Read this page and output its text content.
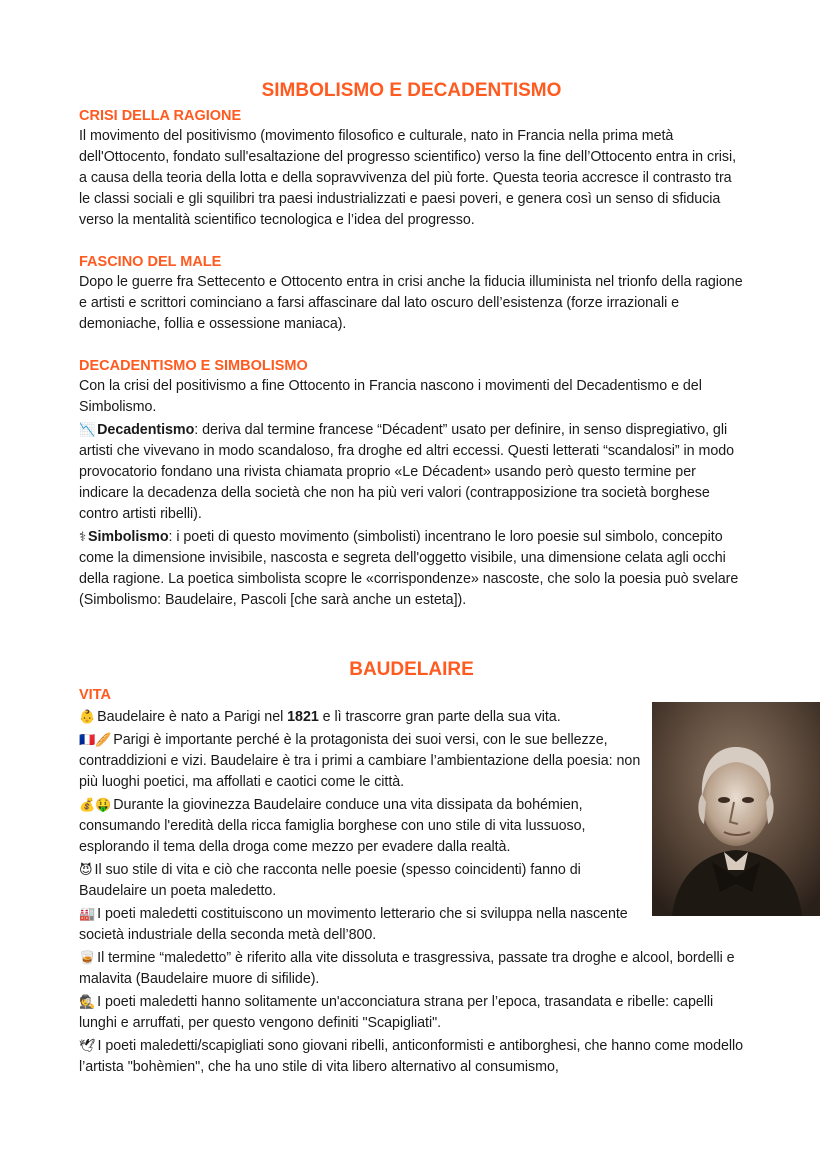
SIMBOLISMO E DECADENTISMO
CRISI DELLA RAGIONE

Il movimento del positivismo (movimento filosofico e culturale, nato in Francia nella prima metà dell'Ottocento, fondato sull'esaltazione del progresso scientifico) verso la fine dell’Ottocento entra in crisi, a causa della teoria della lotta e della sopravvivenza del più forte. Questa teoria accresce il contrasto tra le classi sociali e gli squilibri tra paesi industrializzati e paesi poveri, e genera così un senso di sfiducia verso la mentalità scientifico tecnologica e l’idea del progresso.

FASCINO DEL MALE

Dopo le guerre fra Settecento e Ottocento entra in crisi anche la fiducia illuminista nel trionfo della ragione e artisti e scrittori cominciano a farsi affascinare dal lato oscuro dell’esistenza (forze irrazionali e demoniache, follia e ossessione maniaca).

DECADENTISMO E SIMBOLISMO

Con la crisi del positivismo a fine Ottocento in Francia nascono i movimenti del Decadentismo e del Simbolismo.

📉 Decadentismo: deriva dal termine francese “Décadent” usato per definire, in senso dispregiativo, gli artisti che vivevano in modo scandaloso, fra droghe ed altri eccessi. Questi letterati “scandalosi” in modo provocatorio fondano una rivista chiamata proprio «Le Décadent» usando però questo termine per indicare la decadenza della società che non ha più veri valori (contrapposizione tra società borghese contro artisti ribelli).

⚕ Simbolismo: i poeti di questo movimento (simbolisti) incentrano le loro poesie sul simbolo, concepito come la dimensione invisibile, nascosta e segreta dell'oggetto visibile, una dimensione celata agli occhi della ragione. La poetica simbolista scopre le «corrispondenze» nascoste, che solo la poesia può svelare (Simbolismo: Baudelaire, Pascoli [che sarà anche un esteta]).

BAUDELAIRE
VITA

👶 Baudelaire è nato a Parigi nel 1821 e lì trascorre gran parte della sua vita.

🇫🇷🥖 Parigi è importante perché è la protagonista dei suoi versi, con le sue bellezze, contraddizioni e vizi. Baudelaire è tra i primi a cambiare l’ambientazione della poesia: non più luoghi poetici, ma affollati e caotici come le città.

💰🤑 Durante la giovinezza Baudelaire conduce una vita dissipata da bohémien, consumando l'eredità della ricca famiglia borghese con uno stile di vita lussuoso, esplorando il tema della droga come mezzo per evadere dalla realtà.

😈 Il suo stile di vita e ciò che racconta nelle poesie (spesso coincidenti) fanno di Baudelaire un poeta maledetto.

🏭 I poeti maledetti costituiscono un movimento letterario che si sviluppa nella nascente società industriale della seconda metà dell’800.

🥃 Il termine “maledetto” è riferito alla vite dissoluta e trasgressiva, passate tra droghe e alcool, bordelli e malavita (Baudelaire muore di sifilide).

🕵 I poeti maledetti hanno solitamente un'acconciatura strana per l’epoca, trasandata e ribelle: capelli lunghi e arruffati, per questo vengono definiti "Scapigliati".

🕊 I poeti maledetti/scapigliati sono giovani ribelli, anticonformisti e antiborghesi, che hanno come modello l’artista "bohèmien", che ha uno stile di vita libero alternativo al consumismo,
